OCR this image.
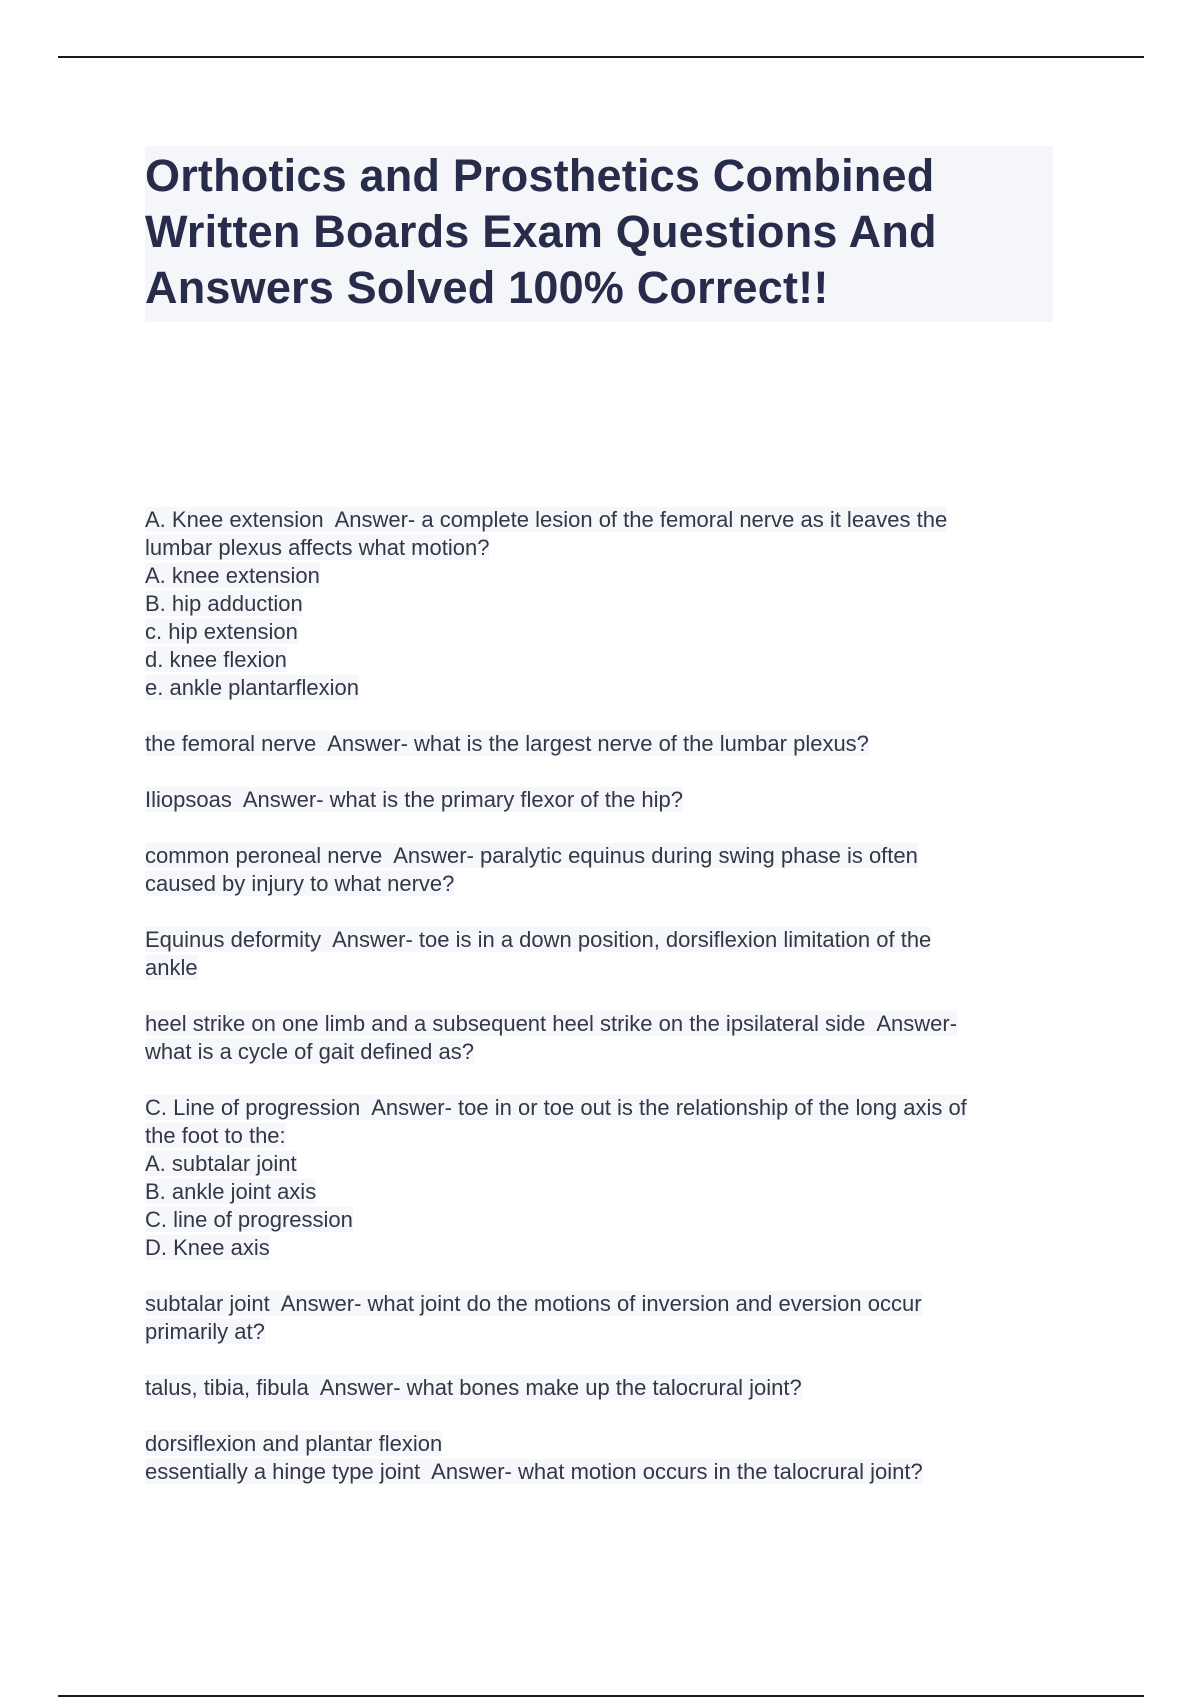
Orthotics and Prosthetics Combined
Written Boards Exam Questions And
Answers Solved 100% Correct!!
A. Knee extension  Answer- a complete lesion of the femoral nerve as it leaves the
lumbar plexus affects what motion?
A. knee extension
B. hip adduction
c. hip extension
d. knee flexion
e. ankle plantarflexion
the femoral nerve  Answer- what is the largest nerve of the lumbar plexus?
Iliopsoas  Answer- what is the primary flexor of the hip?
common peroneal nerve  Answer- paralytic equinus during swing phase is often
caused by injury to what nerve?
Equinus deformity  Answer- toe is in a down position, dorsiflexion limitation of the
ankle
heel strike on one limb and a subsequent heel strike on the ipsilateral side  Answer-
what is a cycle of gait defined as?
C. Line of progression  Answer- toe in or toe out is the relationship of the long axis of
the foot to the:
A. subtalar joint
B. ankle joint axis
C. line of progression
D. Knee axis
subtalar joint  Answer- what joint do the motions of inversion and eversion occur
primarily at?
talus, tibia, fibula  Answer- what bones make up the talocrural joint?
dorsiflexion and plantar flexion
essentially a hinge type joint  Answer- what motion occurs in the talocrural joint?
